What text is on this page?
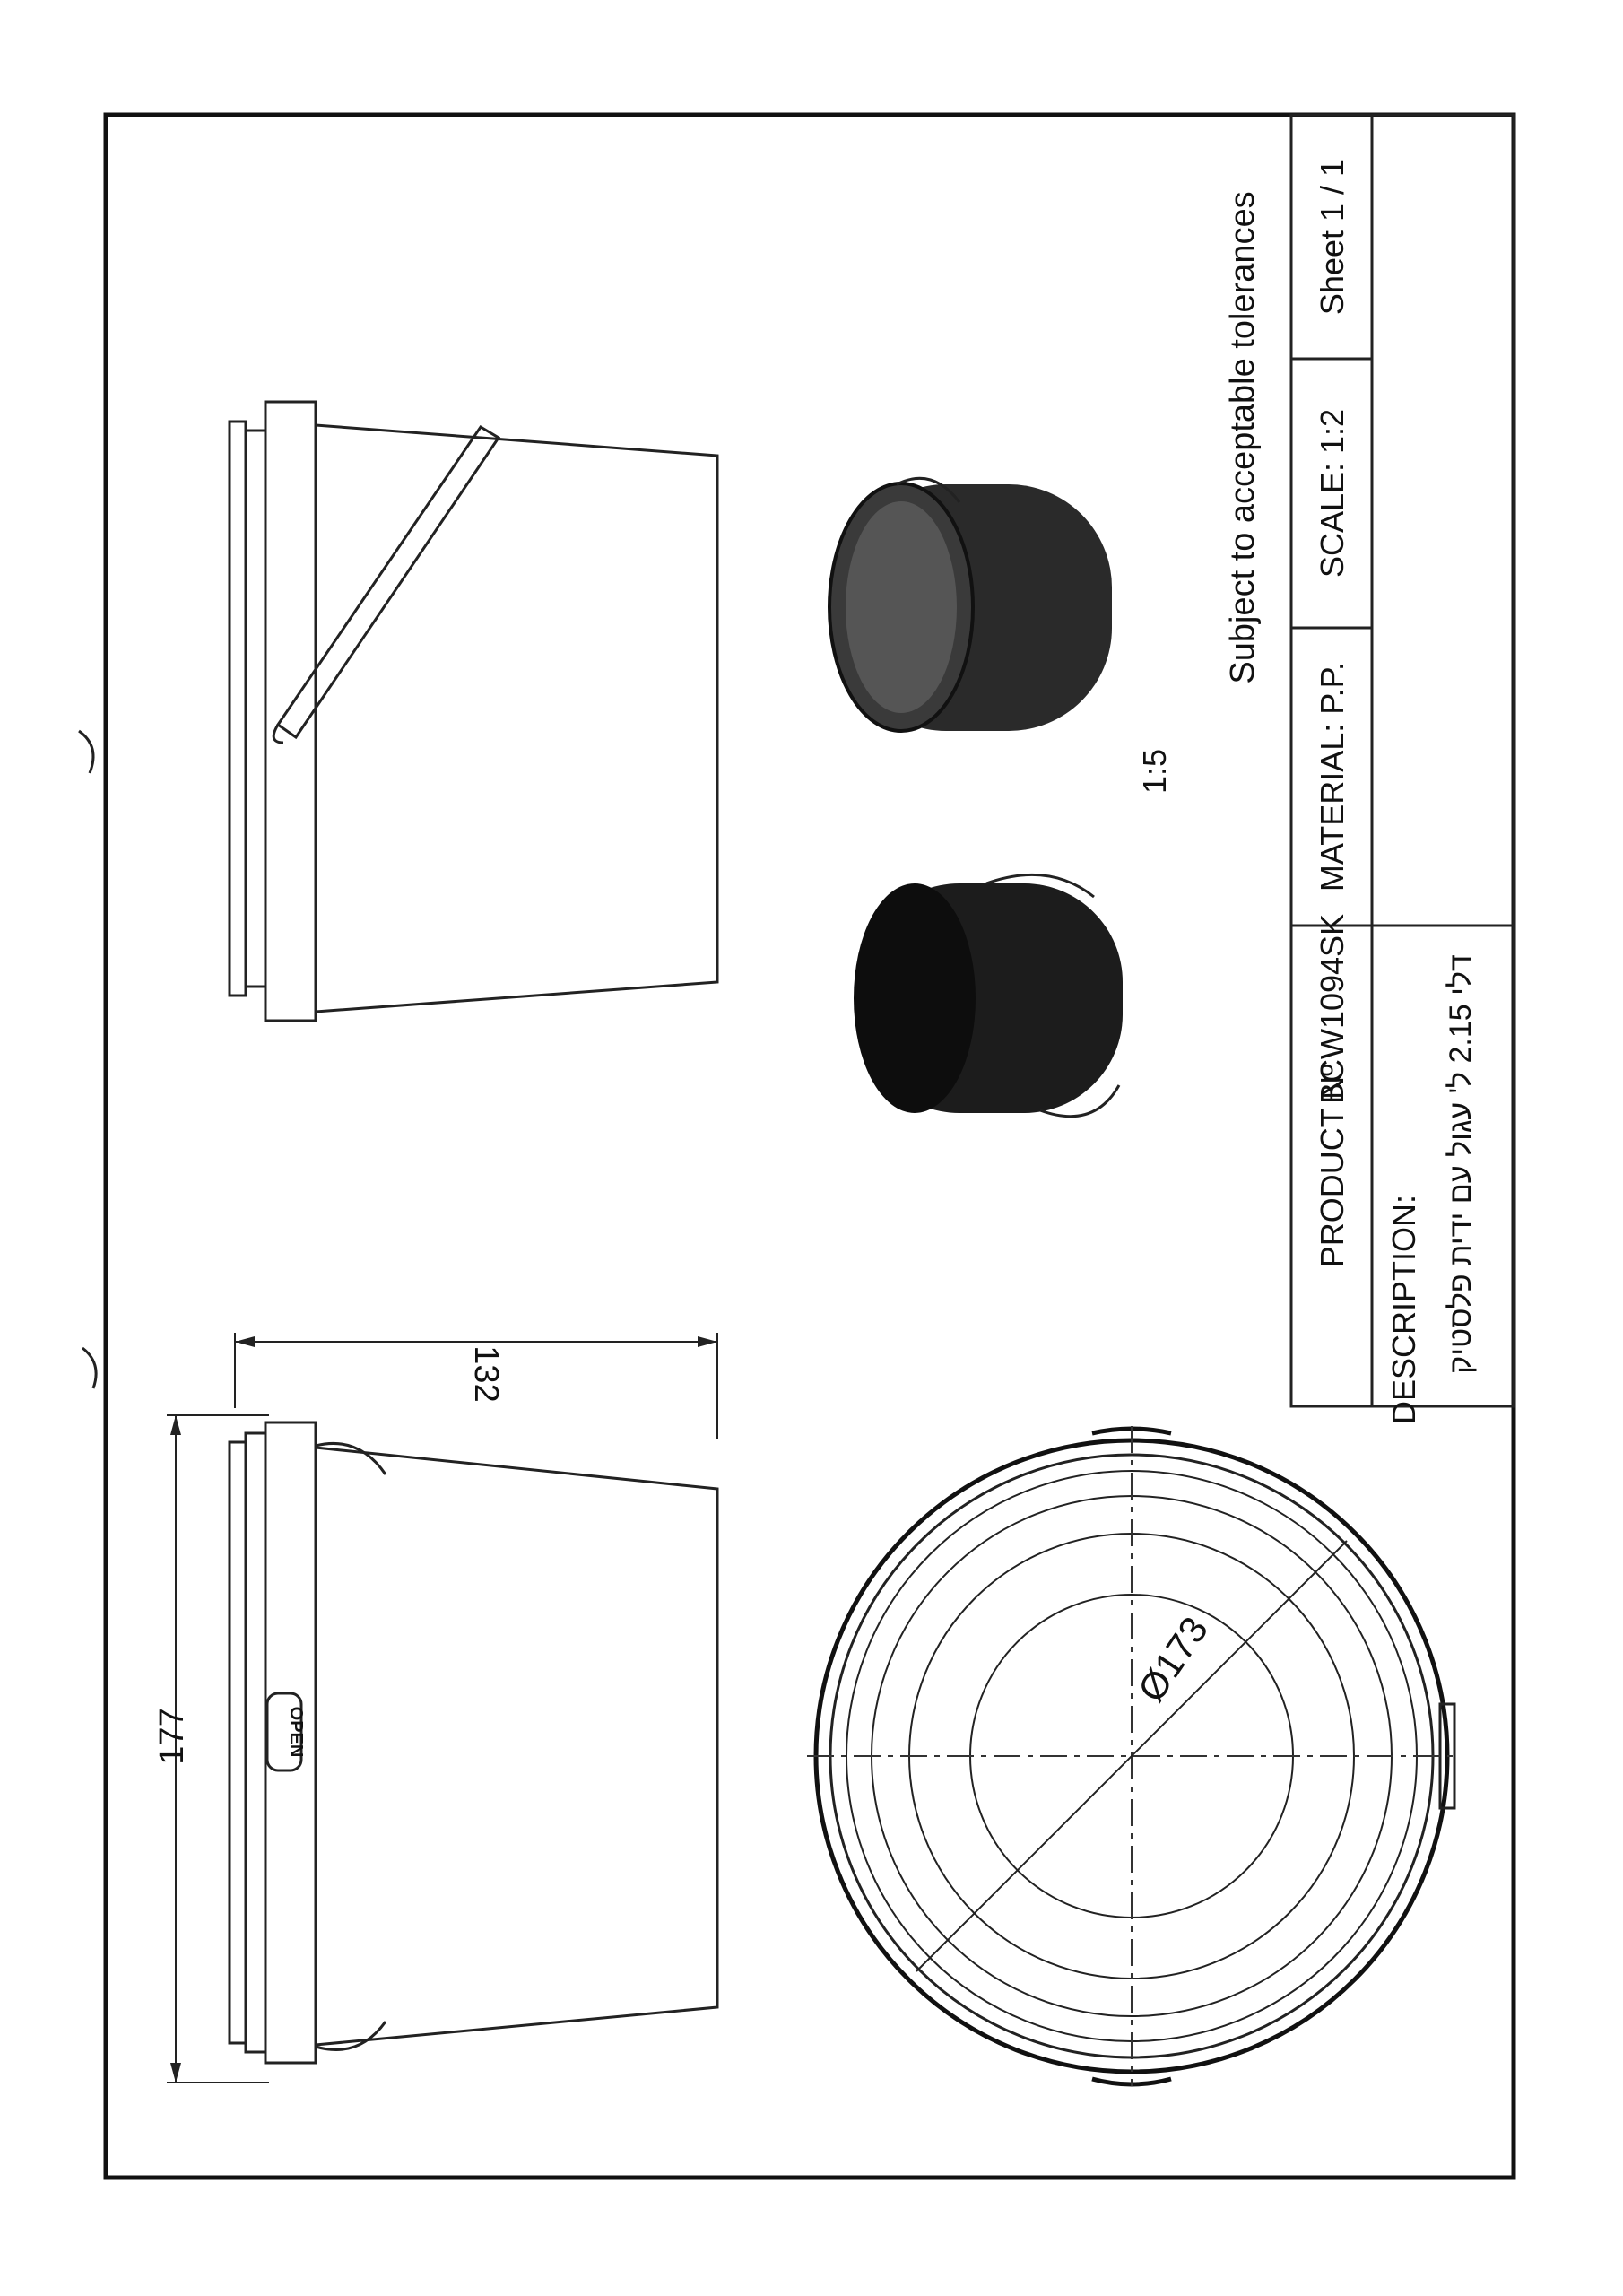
177
132
OPEN
Ø173
1:5
Subject to acceptable tolerances
PRODUCT Nº
BCW1094SK
MATERIAL: P.P.
SCALE: 1:2
Sheet 1 / 1
DESCRIPTION: דלי 2.15 ל' עגול עם ידית פלסטיק
